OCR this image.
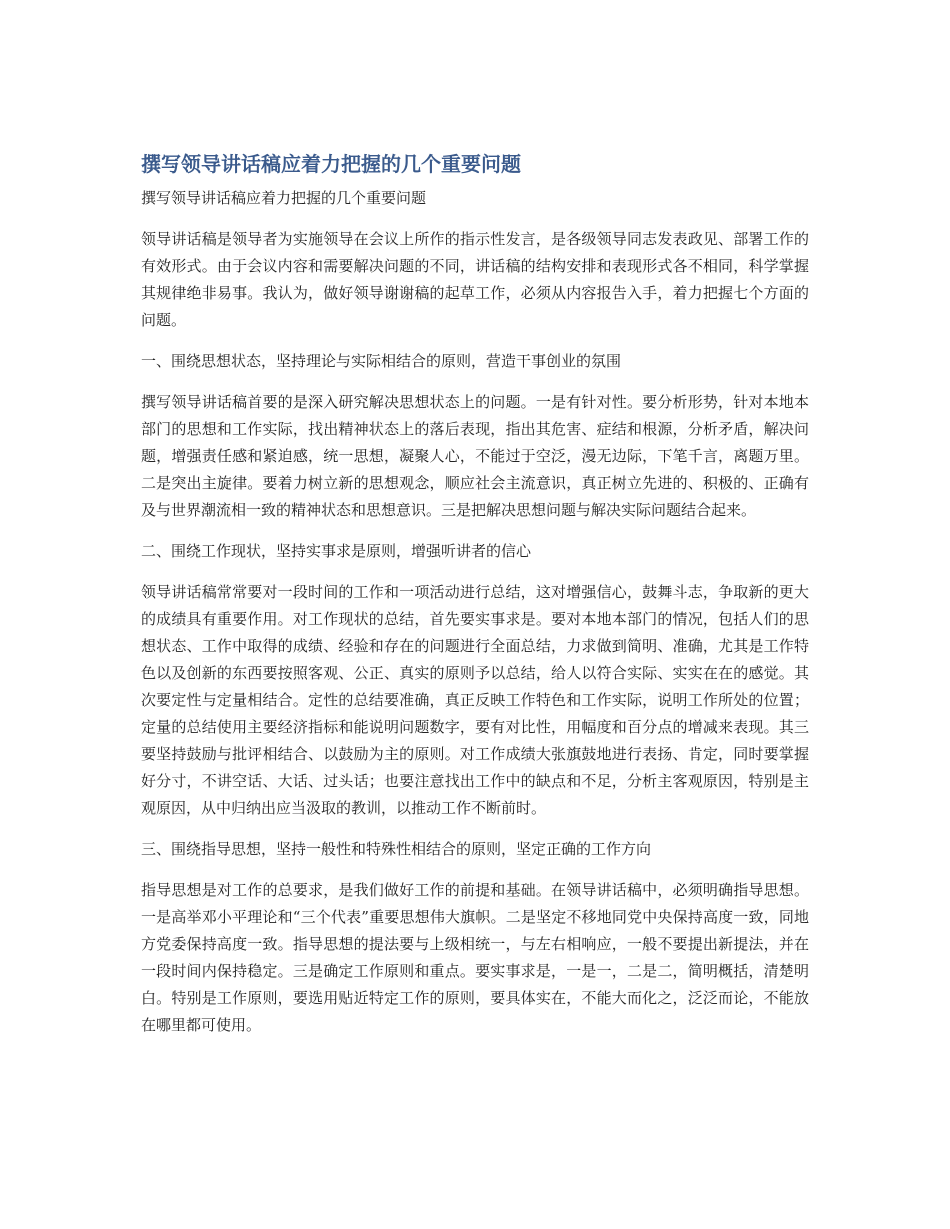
撰写领导讲话稿应着力把握的几个重要问题

撰写领导讲话稿应着力把握的几个重要问题

领导讲话稿是领导者为实施领导在会议上所作的指示性发言，是各级领导同志发表政见、部署工作的有效形式。由于会议内容和需要解决问题的不同，讲话稿的结构安排和表现形式各不相同，科学掌握其规律绝非易事。我认为，做好领导谢谢稿的起草工作，必须从内容报告入手，着力把握七个方面的问题。

一、围绕思想状态，坚持理论与实际相结合的原则，营造干事创业的氛围

撰写领导讲话稿首要的是深入研究解决思想状态上的问题。一是有针对性。要分析形势，针对本地本部门的思想和工作实际，找出精神状态上的落后表现，指出其危害、症结和根源，分析矛盾，解决问题，增强责任感和紧迫感，统一思想，凝聚人心，不能过于空泛，漫无边际，下笔千言，离题万里。二是突出主旋律。要着力树立新的思想观念，顺应社会主流意识，真正树立先进的、积极的、正确有及与世界潮流相一致的精神状态和思想意识。三是把解决思想问题与解决实际问题结合起来。

二、围绕工作现状，坚持实事求是原则，增强听讲者的信心

领导讲话稿常常要对一段时间的工作和一项活动进行总结，这对增强信心，鼓舞斗志，争取新的更大的成绩具有重要作用。对工作现状的总结，首先要实事求是。要对本地本部门的情况，包括人们的思想状态、工作中取得的成绩、经验和存在的问题进行全面总结，力求做到简明、准确，尤其是工作特色以及创新的东西要按照客观、公正、真实的原则予以总结，给人以符合实际、实实在在的感觉。其次要定性与定量相结合。定性的总结要准确，真正反映工作特色和工作实际，说明工作所处的位置；定量的总结使用主要经济指标和能说明问题数字，要有对比性，用幅度和百分点的增减来表现。其三要坚持鼓励与批评相结合、以鼓励为主的原则。对工作成绩大张旗鼓地进行表扬、肯定，同时要掌握好分寸，不讲空话、大话、过头话；也要注意找出工作中的缺点和不足，分析主客观原因，特别是主观原因，从中归纳出应当汲取的教训，以推动工作不断前时。

三、围绕指导思想，坚持一般性和特殊性相结合的原则，坚定正确的工作方向

指导思想是对工作的总要求，是我们做好工作的前提和基础。在领导讲话稿中，必须明确指导思想。一是高举邓小平理论和“三个代表”重要思想伟大旗帜。二是坚定不移地同党中央保持高度一致，同地方党委保持高度一致。指导思想的提法要与上级相统一，与左右相响应，一般不要提出新提法，并在一段时间内保持稳定。三是确定工作原则和重点。要实事求是，一是一，二是二，简明概括，清楚明白。特别是工作原则，要选用贴近特定工作的原则，要具体实在，不能大而化之，泛泛而论，不能放在哪里都可使用。
